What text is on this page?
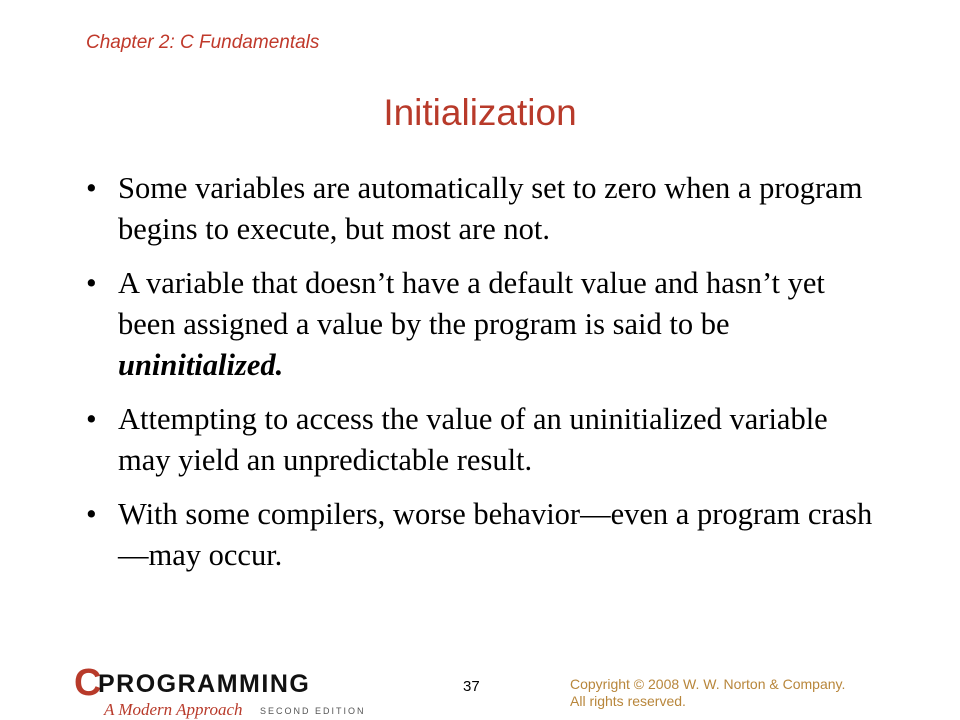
Chapter 2: C Fundamentals
Initialization
• Some variables are automatically set to zero when a program begins to execute, but most are not.
• A variable that doesn’t have a default value and hasn’t yet been assigned a value by the program is said to be uninitialized.
• Attempting to access the value of an uninitialized variable may yield an unpredictable result.
• With some compilers, worse behavior—even a program crash—may occur.
C
PROGRAMMING
A Modern Approach SECOND EDITION
37	Copyright © 2008 W. W. Norton & Company.
All rights reserved.
